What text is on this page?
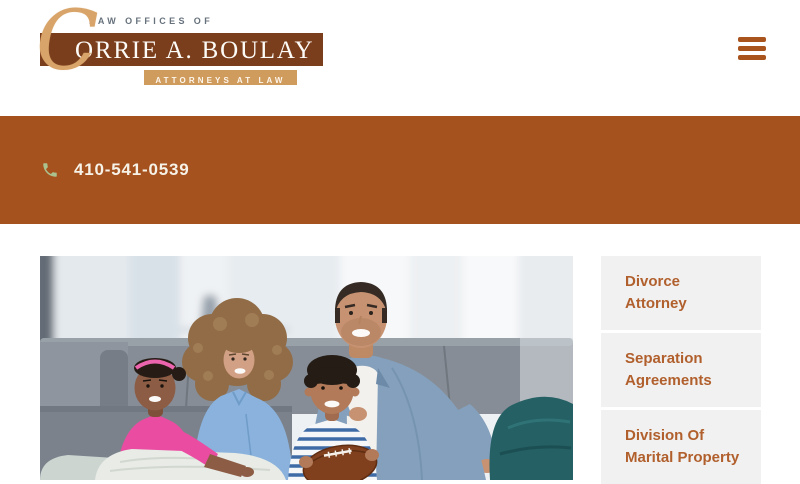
LAW OFFICES OF
ORRIE A. BOULAY
ATTORNEYS AT LAW
C
410-541-0539
Divorce Attorney
Separation Agreements
Division Of Marital Property
